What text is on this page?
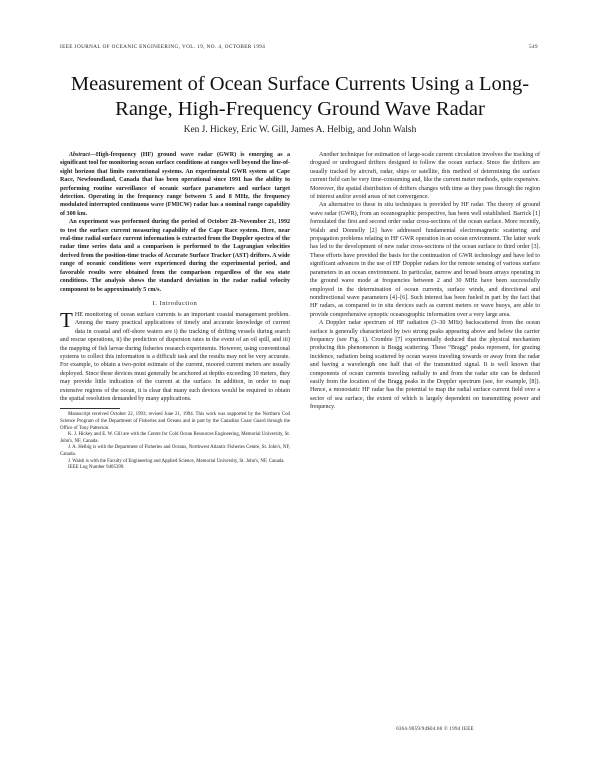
IEEE JOURNAL OF OCEANIC ENGINEERING, VOL. 19, NO. 4, OCTOBER 1994	549
Measurement of Ocean Surface Currents Using a Long-Range, High-Frequency Ground Wave Radar
Ken J. Hickey, Eric W. Gill, James A. Helbig, and John Walsh

Abstract—High-frequency (HF) ground wave radar (GWR) is emerging as a significant tool for monitoring ocean surface conditions at ranges well beyond the line-of-sight horizon that limits conventional systems. An experimental GWR system at Cape Race, Newfoundland, Canada that has been operational since 1991 has the ability to performing routine surveillance of oceanic surface parameters and surface target detection. Operating in the frequency range between 5 and 8 MHz, the frequency modulated interrupted continuous wave (FMICW) radar has a nominal range capability of 300 km.

An experiment was performed during the period of October 28–November 21, 1992 to test the surface current measuring capability of the Cape Race system. Here, near real-time radial surface current information is extracted from the Doppler spectra of the radar time series data and a comparison is performed to the Lagrangian velocities derived from the position-time tracks of Accurate Surface Tracker (AST) drifters. A wide range of oceanic conditions were experienced during the experimental period, and favorable results were obtained from the comparison regardless of the sea state conditions. The analysis shows the standard deviation in the radar radial velocity component to be approximately 5 cm/s.

I. Introduction

THE monitoring of ocean surface currents is an important coastal management problem. Among the many practical applications of timely and accurate knowledge of current data in coastal and off-shore waters are i) the tracking of drifting vessels during search and rescue operations, ii) the prediction of dispersion rates in the event of an oil spill, and iii) the mapping of fish larvae during fisheries research experiments. However, using conventional systems to collect this information is a difficult task and the results may not be very accurate. For example, to obtain a two-point estimate of the current, moored current meters are usually deployed. Since these devices must generally be anchored at depths exceeding 10 meters, they may provide little indication of the current at the surface. In addition, in order to map extensive regions of the ocean, it is clear that many such devices would be required to obtain the spatial resolution demanded by many applications.

Manuscript received October 22, 1993; revised June 21, 1994. This work was supported by the Northern Cod Science Program of the Department of Fisheries and Oceans and in part by the Canadian Coast Guard through the Office of Tony Patterson.

K. J. Hickey and E. W. Gill are with the Centre for Cold Ocean Resources Engineering, Memorial University, St. John's, NF, Canada.

J. A. Helbig is with the Department of Fisheries and Oceans, Northwest Atlantic Fisheries Centre, St. John's, NF, Canada.

J. Walsh is with the Faculty of Engineering and Applied Science, Memorial University, St. John's, NF, Canada.

IEEE Log Number 9405399.

Another technique for estimation of large-scale current circulation involves the tracking of drogued or undrogued drifters designed to follow the ocean surface. Since the drifters are usually tracked by aircraft, radar, ships or satellite, this method of determining the surface current field can be very time-consuming and, like the current meter methods, quite expensive. Moreover, the spatial distribution of drifters changes with time as they pass through the region of interest and/or avoid areas of net convergence.

An alternative to these in situ techniques is provided by HF radar. The theory of ground wave radar (GWR), from an oceanographic perspective, has been well established. Barrick [1] formulated the first and second order radar cross-sections of the ocean surface. More recently, Walsh and Donnelly [2] have addressed fundamental electromagnetic scattering and propagation problems relating to HF GWR operation in an ocean environment. The latter work has led to the development of new radar cross-sections of the ocean surface to third order [3]. These efforts have provided the basis for the continuation of GWR technology and have led to significant advances in the use of HF Doppler radars for the remote sensing of various surface parameters in an ocean environment. In particular, narrow and broad beam arrays operating in the ground wave mode at frequencies between 2 and 30 MHz have been successfully employed in the determination of ocean currents, surface winds, and directional and nondirectional wave parameters [4]–[6]. Such interest has been fueled in part by the fact that HF radars, as compared to in situ devices such as current meters or wave buoys, are able to provide comprehensive synoptic oceanographic information over a very large area.

A Doppler radar spectrum of HF radiation (3–30 MHz) backscattered from the ocean surface is generally characterized by two strong peaks appearing above and below the carrier frequency (see Fig. 1). Crombie [7] experimentally deduced that the physical mechanism producing this phenomenon is Bragg scattering. These “Bragg” peaks represent, for grazing incidence, radiation being scattered by ocean waves traveling towards or away from the radar and having a wavelength one half that of the transmitted signal. It is well known that components of ocean currents traveling radially to and from the radar site can be deduced easily from the location of the Bragg peaks in the Doppler spectrum (see, for example, [8]). Hence, a monostatic HF radar has the potential to map the radial surface current field over a sector of sea surface, the extent of which is largely dependent on transmitting power and frequency.

0364-9059/94$04.00 © 1994 IEEE
